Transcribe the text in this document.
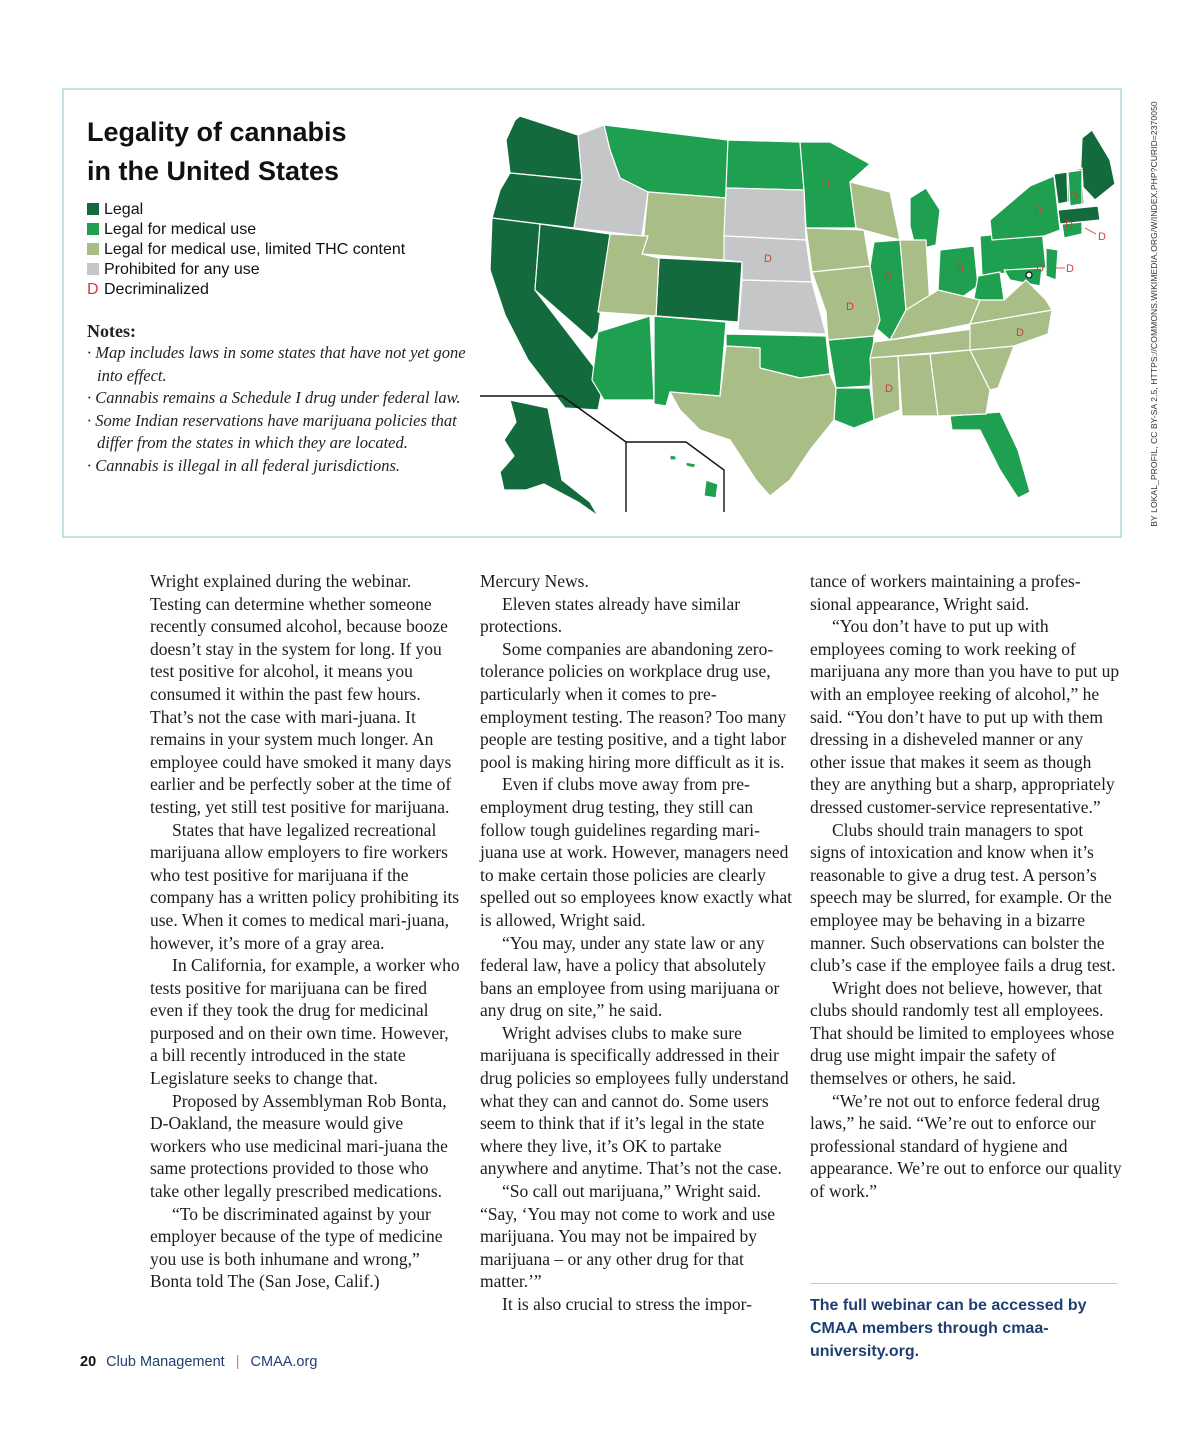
Legality of cannabis
in the United States
Legal
Legal for medical use
Legal for medical use, limited THC content
Prohibited for any use
D Decriminalized
Notes:
· Map includes laws in some states that have not yet gone into effect.
· Cannabis remains a Schedule I drug under federal law.
· Some Indian reservations have marijuana policies that differ from the states in which they are located.
· Cannabis is illegal in all federal jurisdictions.
D
D
D
D
D
D
D
D
D
D
D
D
D	BY LOKAL_PROFIL, CC BY-SA 2.5, HTTPS://COMMONS.WIKIMEDIA.ORG/W/INDEX.PHP?CURID=2370050

Wright explained during the webinar. Testing can determine whether someone recently consumed alcohol, because booze doesn’t stay in the system for long. If you test positive for alcohol, it means you consumed it within the past few hours. That’s not the case with mari-juana. It remains in your system much longer. An employee could have smoked it many days earlier and be perfectly sober at the time of testing, yet still test positive for marijuana.

States that have legalized recreational marijuana allow employers to fire workers who test positive for marijuana if the company has a written policy prohibiting its use. When it comes to medical mari-juana, however, it’s more of a gray area.

In California, for example, a worker who tests positive for marijuana can be fired even if they took the drug for medicinal purposed and on their own time. However, a bill recently introduced in the state Legislature seeks to change that.

Proposed by Assemblyman Rob Bonta, D-Oakland, the measure would give workers who use medicinal mari-juana the same protections provided to those who take other legally prescribed medications.

“To be discriminated against by your employer because of the type of medicine you use is both inhumane and wrong,” Bonta told The (San Jose, Calif.)

Mercury News.

Eleven states already have similar protections.

Some companies are abandoning zero-tolerance policies on workplace drug use, particularly when it comes to pre-employment testing. The reason? Too many people are testing positive, and a tight labor pool is making hiring more difficult as it is.

Even if clubs move away from pre-employment drug testing, they still can follow tough guidelines regarding mari-juana use at work. However, managers need to make certain those policies are clearly spelled out so employees know exactly what is allowed, Wright said.

“You may, under any state law or any federal law, have a policy that absolutely bans an employee from using marijuana or any drug on site,” he said.

Wright advises clubs to make sure marijuana is specifically addressed in their drug policies so employees fully understand what they can and cannot do. Some users seem to think that if it’s legal in the state where they live, it’s OK to partake anywhere and anytime. That’s not the case.

“So call out marijuana,” Wright said. “Say, ‘You may not come to work and use marijuana. You may not be impaired by marijuana – or any other drug for that matter.’”

It is also crucial to stress the impor-

tance of workers maintaining a profes-sional appearance, Wright said.

“You don’t have to put up with employees coming to work reeking of marijuana any more than you have to put up with an employee reeking of alcohol,” he said. “You don’t have to put up with them dressing in a disheveled manner or any other issue that makes it seem as though they are anything but a sharp, appropriately dressed customer-service representative.”

Clubs should train managers to spot signs of intoxication and know when it’s reasonable to give a drug test. A person’s speech may be slurred, for example. Or the employee may be behaving in a bizarre manner. Such observations can bolster the club’s case if the employee fails a drug test.

Wright does not believe, however, that clubs should randomly test all employees. That should be limited to employees whose drug use might impair the safety of themselves or others, he said.

“We’re not out to enforce federal drug laws,” he said. “We’re out to enforce our professional standard of hygiene and appearance. We’re out to enforce our quality of work.”

The full webinar can be accessed by CMAA members through cmaa-university.org.
20 Club Management | CMAA.org
